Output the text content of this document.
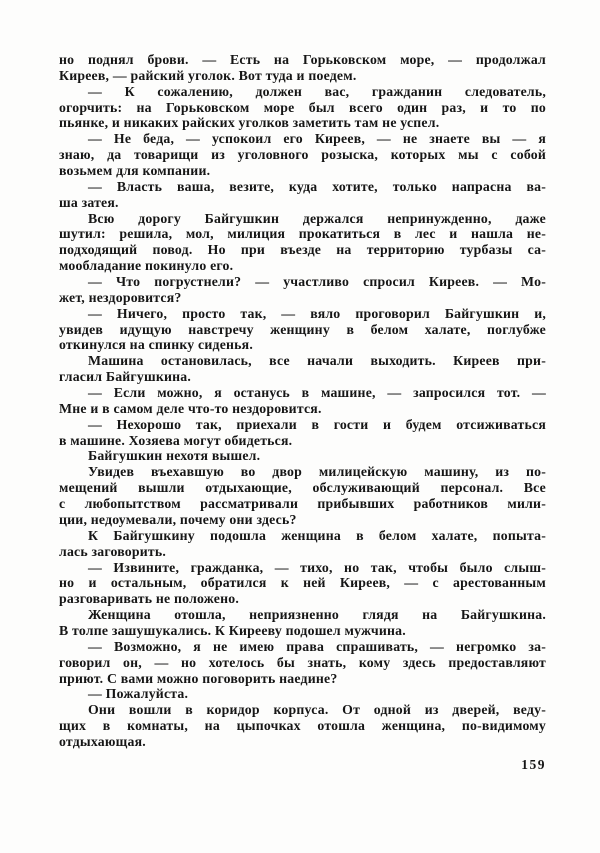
но поднял брови. — Есть на Горьковском море, — продолжал
Киреев, — райский уголок. Вот туда и поедем.
— К сожалению, должен вас, гражданин следователь,
огорчить: на Горьковском море был всего один раз, и то по
пьянке, и никаких райских уголков заметить там не успел.
— Не беда, — успокоил его Киреев, — не знаете вы — я
знаю, да товарищи из уголовного розыска, которых мы с собой
возьмем для компании.
— Власть ваша, везите, куда хотите, только напрасна ва-
ша затея.
Всю дорогу Байгушкин держался непринужденно, даже
шутил: решила, мол, милиция прокатиться в лес и нашла не-
подходящий повод. Но при въезде на территорию турбазы са-
мообладание покинуло его.
— Что погрустнели? — участливо спросил Киреев. — Мо-
жет, нездоровится?
— Ничего, просто так, — вяло проговорил Байгушкин и,
увидев идущую навстречу женщину в белом халате, поглубже
откинулся на спинку сиденья.
Машина остановилась, все начали выходить. Киреев при-
гласил Байгушкина.
— Если можно, я останусь в машине, — запросился тот. —
Мне и в самом деле что-то нездоровится.
— Нехорошо так, приехали в гости и будем отсиживаться
в машине. Хозяева могут обидеться.
Байгушкин нехотя вышел.
Увидев въехавшую во двор милицейскую машину, из по-
мещений вышли отдыхающие, обслуживающий персонал. Все
с любопытством рассматривали прибывших работников мили-
ции, недоумевали, почему они здесь?
К Байгушкину подошла женщина в белом халате, попыта-
лась заговорить.
— Извините, гражданка, — тихо, но так, чтобы было слыш-
но и остальным, обратился к ней Киреев, — с арестованным
разговаривать не положено.
Женщина отошла, неприязненно глядя на Байгушкина.
В толпе зашушукались. К Кирееву подошел мужчина.
— Возможно, я не имею права спрашивать, — негромко за-
говорил он, — но хотелось бы знать, кому здесь предоставляют
приют. С вами можно поговорить наедине?
— Пожалуйста.
Они вошли в коридор корпуса. От одной из дверей, веду-
щих в комнаты, на цыпочках отошла женщина, по-видимому
отдыхающая.
159
